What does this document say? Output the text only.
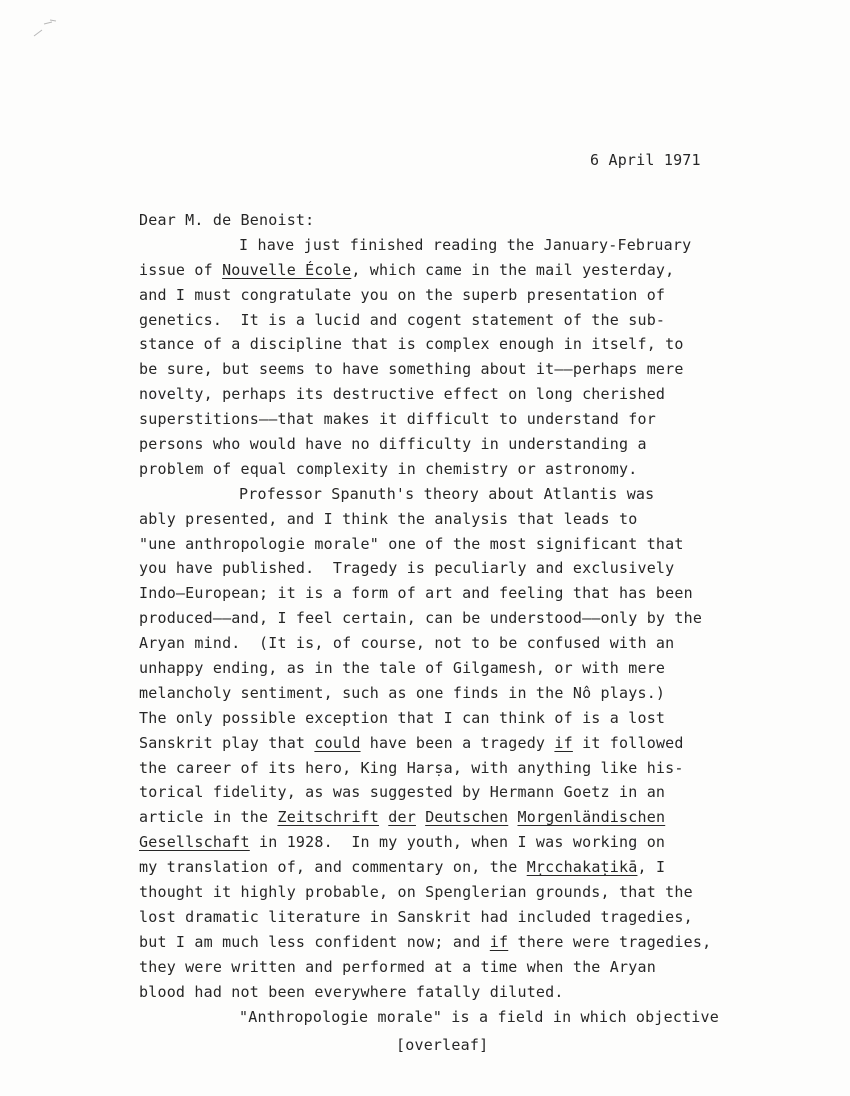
6 April 1971
Dear M. de Benoist:
I have just finished reading the January-February
issue of Nouvelle École, which came in the mail yesterday,
and I must congratulate you on the superb presentation of
genetics.  It is a lucid and cogent statement of the sub-
stance of a discipline that is complex enough in itself, to
be sure, but seems to have something about it——perhaps mere
novelty, perhaps its destructive effect on long cherished
superstitions——that makes it difficult to understand for
persons who would have no difficulty in understanding a
problem of equal complexity in chemistry or astronomy.
Professor Spanuth's theory about Atlantis was
ably presented, and I think the analysis that leads to
"une anthropologie morale" one of the most significant that
you have published.  Tragedy is peculiarly and exclusively
Indo—European; it is a form of art and feeling that has been
produced——and, I feel certain, can be understood——only by the
Aryan mind.  (It is, of course, not to be confused with an
unhappy ending, as in the tale of Gilgamesh, or with mere
melancholy sentiment, such as one finds in the Nô plays.)
The only possible exception that I can think of is a lost
Sanskrit play that could have been a tragedy if it followed
the career of its hero, King Harṣa, with anything like his-
torical fidelity, as was suggested by Hermann Goetz in an
article in the Zeitschrift der Deutschen Morgenländischen
Gesellschaft in 1928.  In my youth, when I was working on
my translation of, and commentary on, the Mṛcchakaṭikā, I
thought it highly probable, on Spenglerian grounds, that the
lost dramatic literature in Sanskrit had included tragedies,
but I am much less confident now; and if there were tragedies,
they were written and performed at a time when the Aryan
blood had not been everywhere fatally diluted.
"Anthropologie morale" is a field in which objective
[overleaf]
